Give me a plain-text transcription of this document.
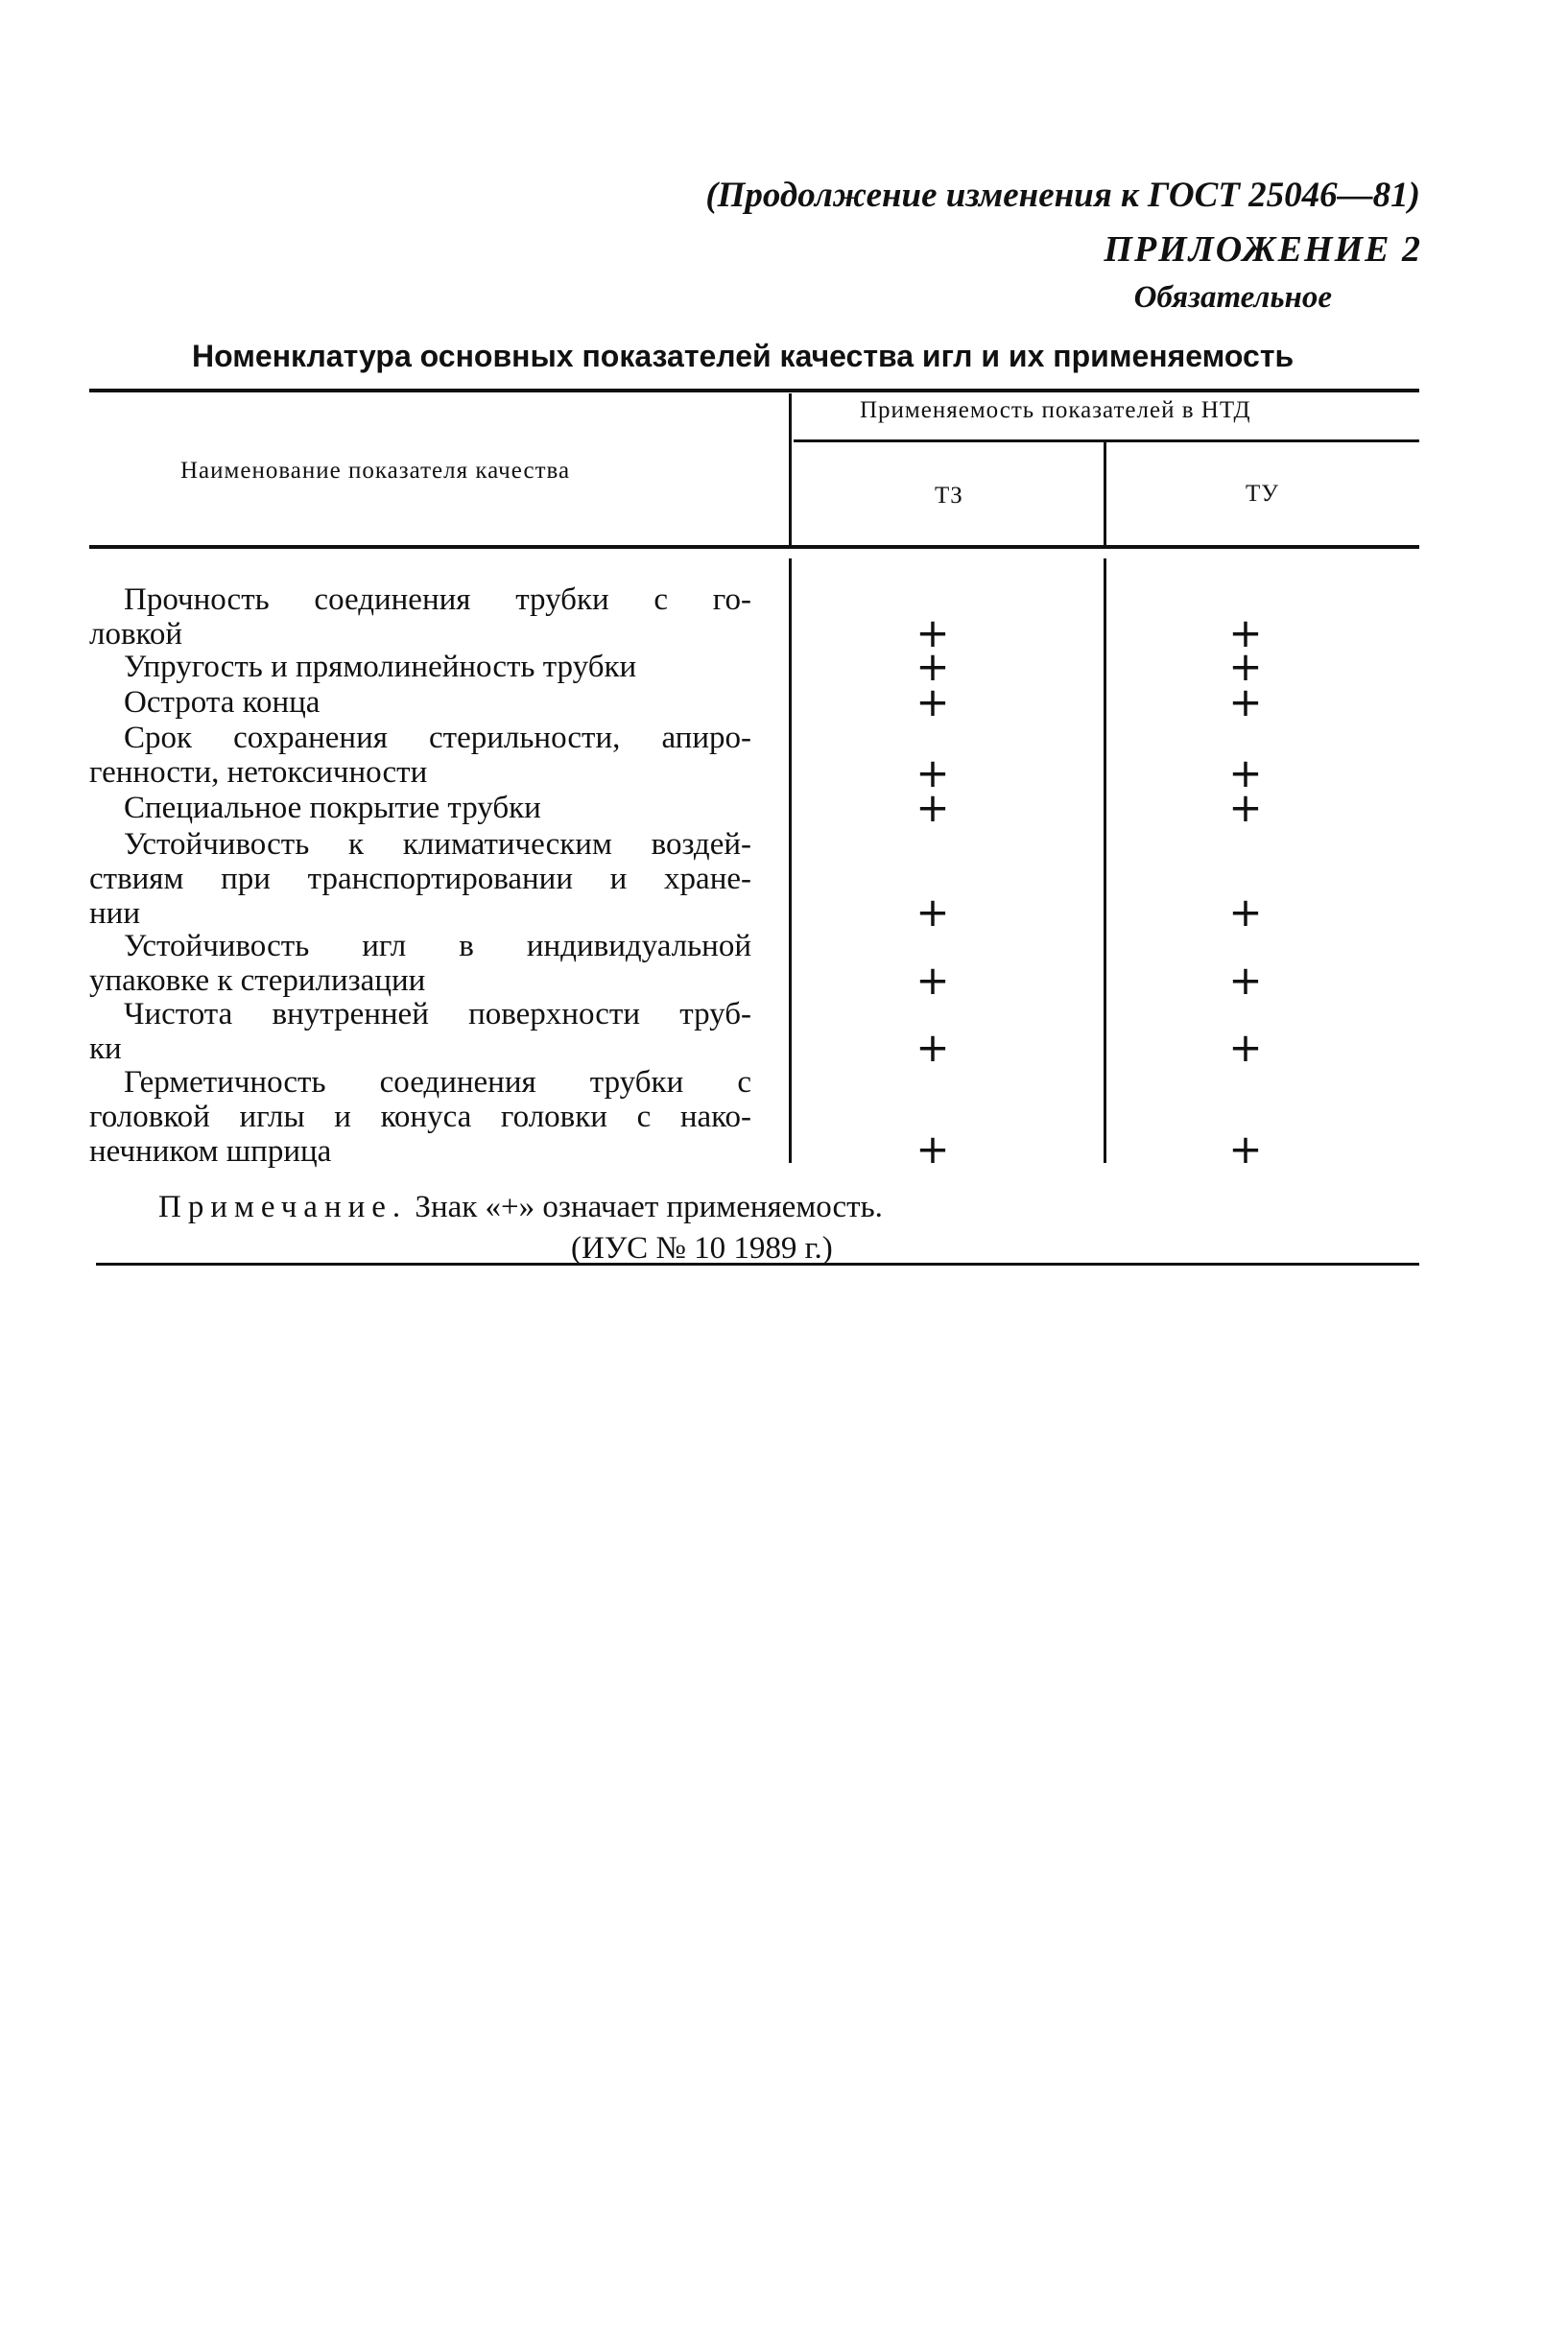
(Продолжение изменения к ГОСТ 25046—81)
ПРИЛОЖЕНИЕ 2
Обязательное
Номенклатура основных показателей качества игл и их применяемость
Наименование показателя качества
Применяемость показателей в НТД
ТЗ	ТУ
Прочность соединения трубки с го-
ловкой	+	+
Упругость и прямолинейность трубки	+	+
Острота конца	+	+
Срок сохранения стерильности, апиро-
генности, нетоксичности	+	+
Специальное покрытие трубки	+	+
Устойчивость к климатическим воздей-
ствиям при транспортировании и хране-
нии	+	+
Устойчивость игл в индивидуальной
упаковке к стерилизации	+	+
Чистота внутренней поверхности труб-
ки	+	+
Герметичность соединения трубки с
головкой иглы и конуса головки с нако-
нечником шприца	+	+
Примечание. Знак «+» означает применяемость.
(ИУС № 10 1989 г.)
